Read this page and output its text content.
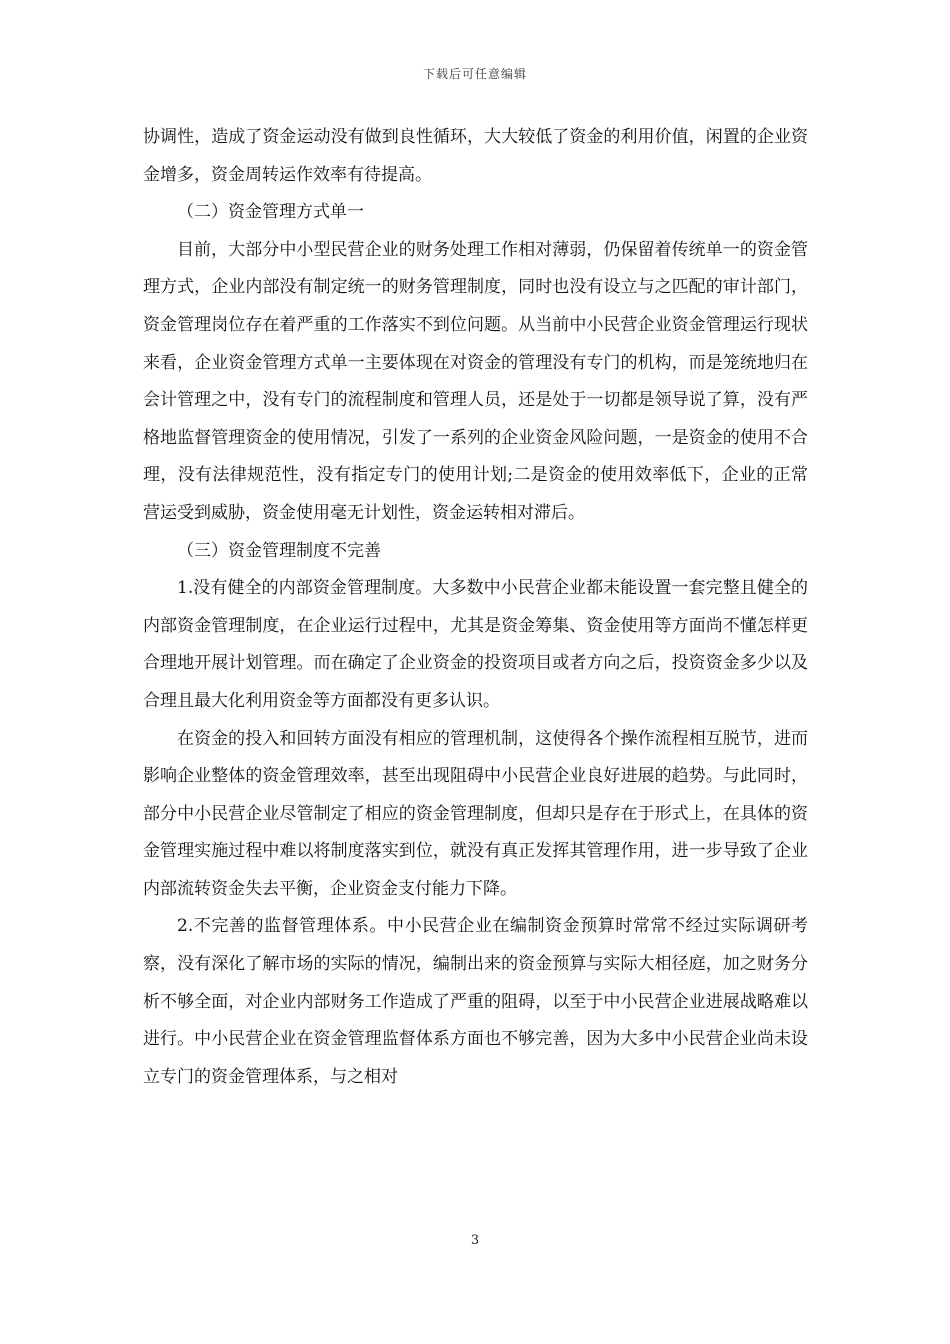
下载后可任意编辑

协调性，造成了资金运动没有做到良性循环，大大较低了资金的利用价值，闲置的企业资金增多，资金周转运作效率有待提高。

（二）资金管理方式单一

目前，大部分中小型民营企业的财务处理工作相对薄弱，仍保留着传统单一的资金管理方式，企业内部没有制定统一的财务管理制度，同时也没有设立与之匹配的审计部门，资金管理岗位存在着严重的工作落实不到位问题。从当前中小民营企业资金管理运行现状来看，企业资金管理方式单一主要体现在对资金的管理没有专门的机构，而是笼统地归在会计管理之中，没有专门的流程制度和管理人员，还是处于一切都是领导说了算，没有严格地监督管理资金的使用情况，引发了一系列的企业资金风险问题，一是资金的使用不合理，没有法律规范性，没有指定专门的使用计划;二是资金的使用效率低下，企业的正常营运受到威胁，资金使用毫无计划性，资金运转相对滞后。

（三）资金管理制度不完善

1.没有健全的内部资金管理制度。大多数中小民营企业都未能设置一套完整且健全的内部资金管理制度，在企业运行过程中，尤其是资金筹集、资金使用等方面尚不懂怎样更合理地开展计划管理。而在确定了企业资金的投资项目或者方向之后，投资资金多少以及合理且最大化利用资金等方面都没有更多认识。

在资金的投入和回转方面没有相应的管理机制，这使得各个操作流程相互脱节，进而影响企业整体的资金管理效率，甚至出现阻碍中小民营企业良好进展的趋势。与此同时，部分中小民营企业尽管制定了相应的资金管理制度，但却只是存在于形式上，在具体的资金管理实施过程中难以将制度落实到位，就没有真正发挥其管理作用，进一步导致了企业内部流转资金失去平衡，企业资金支付能力下降。

2.不完善的监督管理体系。中小民营企业在编制资金预算时常常不经过实际调研考察，没有深化了解市场的实际的情况，编制出来的资金预算与实际大相径庭，加之财务分析不够全面，对企业内部财务工作造成了严重的阻碍，以至于中小民营企业进展战略难以进行。中小民营企业在资金管理监督体系方面也不够完善，因为大多中小民营企业尚未设立专门的资金管理体系，与之相对

3
